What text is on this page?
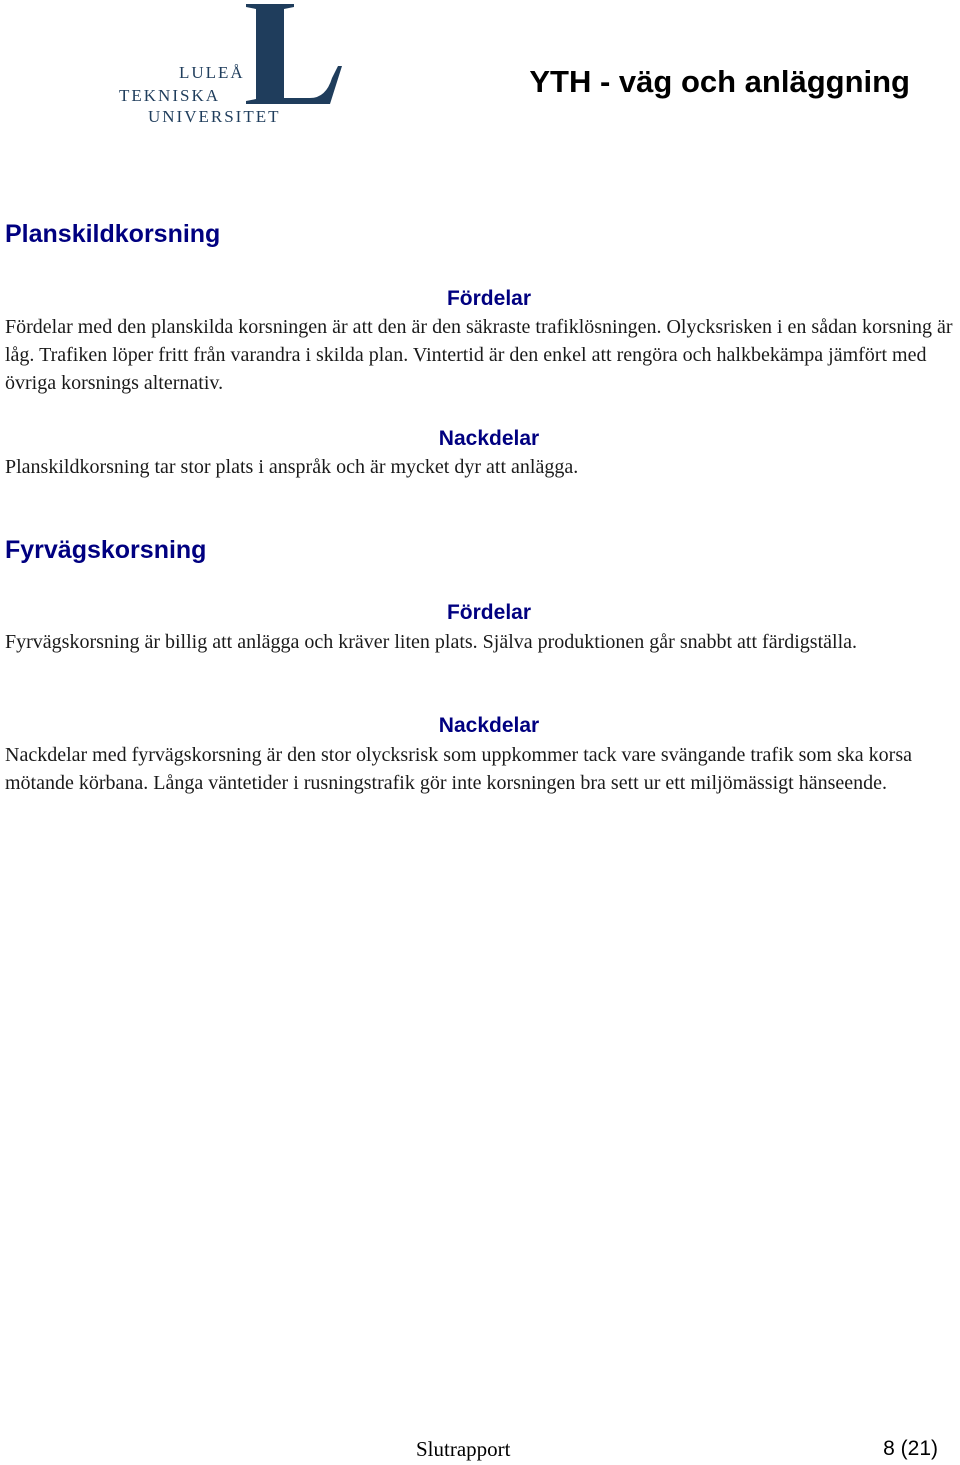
LULEÅ
TEKNISKA
UNIVERSITET
YTH - väg och anläggning
Planskildkorsning
Fördelar

Fördelar med den planskilda korsningen är att den är den säkraste trafiklösningen. Olycksrisken i en sådan korsning är låg. Trafiken löper fritt från varandra i skilda plan. Vintertid är den enkel att rengöra och halkbekämpa jämfört med övriga korsnings alternativ.

Nackdelar

Planskildkorsning tar stor plats i anspråk och är mycket dyr att anlägga.

Fyrvägskorsning
Fördelar

Fyrvägskorsning är billig att anlägga och kräver liten plats. Själva produktionen går snabbt att färdigställa.

Nackdelar

Nackdelar med fyrvägskorsning är den stor olycksrisk som uppkommer tack vare svängande trafik som ska korsa mötande körbana. Långa väntetider i rusningstrafik gör inte korsningen bra sett ur ett miljömässigt hänseende.

Slutrapport	8 (21)
